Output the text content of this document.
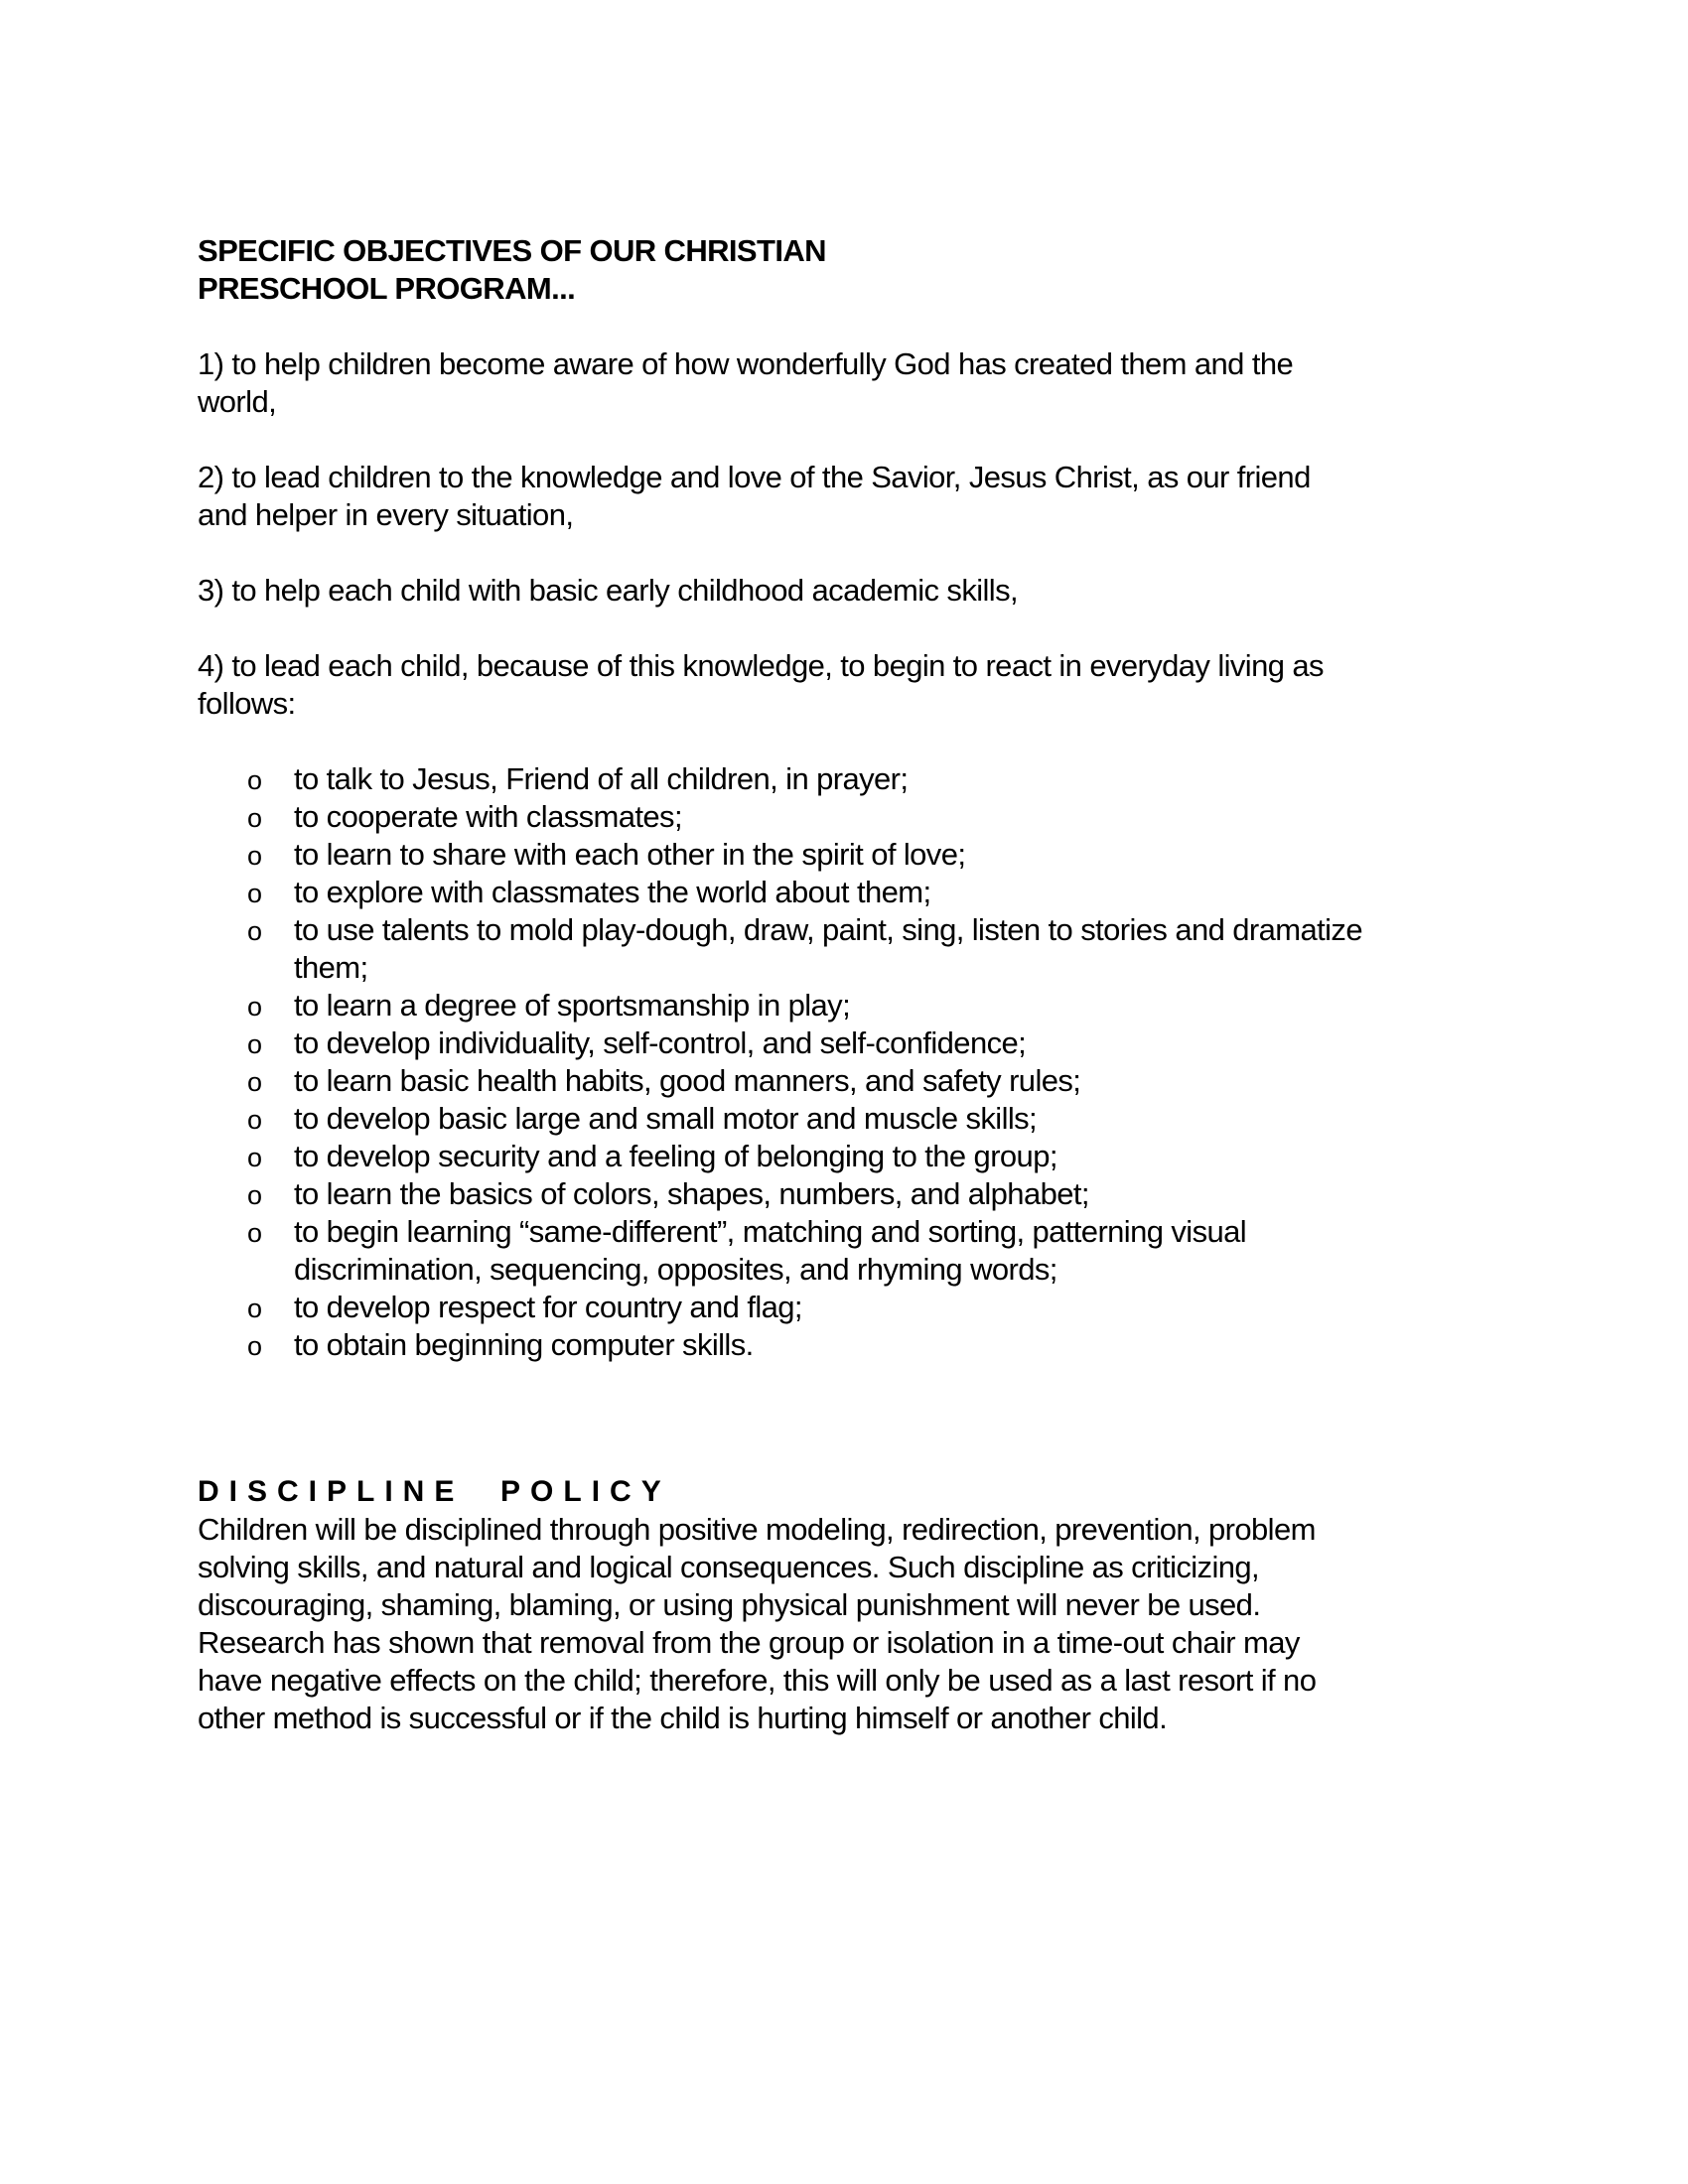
SPECIFIC OBJECTIVES OF OUR CHRISTIAN
PRESCHOOL PROGRAM...
1) to help children become aware of how wonderfully God has created them and the
world,
2) to lead children to the knowledge and love of the Savior, Jesus Christ, as our friend
and helper in every situation,
3) to help each child with basic early childhood academic skills,
4) to lead each child, because of this knowledge, to begin to react in everyday living as
follows:
o to talk to Jesus, Friend of all children, in prayer;
o to cooperate with classmates;
o to learn to share with each other in the spirit of love;
o to explore with classmates the world about them;
o to use talents to mold play-dough, draw, paint, sing, listen to stories and dramatize
them;
o to learn a degree of sportsmanship in play;
o to develop individuality, self-control, and self-confidence;
o to learn basic health habits, good manners, and safety rules;
o to develop basic large and small motor and muscle skills;
o to develop security and a feeling of belonging to the group;
o to learn the basics of colors, shapes, numbers, and alphabet;
o to begin learning “same-different”, matching and sorting, patterning visual
discrimination, sequencing, opposites, and rhyming words;
o to develop respect for country and flag;
o to obtain beginning computer skills.
DISCIPLINE  POLICY
Children will be disciplined through positive modeling, redirection, prevention, problem
solving skills, and natural and logical consequences. Such discipline as criticizing,
discouraging, shaming, blaming, or using physical punishment will never be used.
Research has shown that removal from the group or isolation in a time-out chair may
have negative effects on the child; therefore, this will only be used as a last resort if no
other method is successful or if the child is hurting himself or another child.
